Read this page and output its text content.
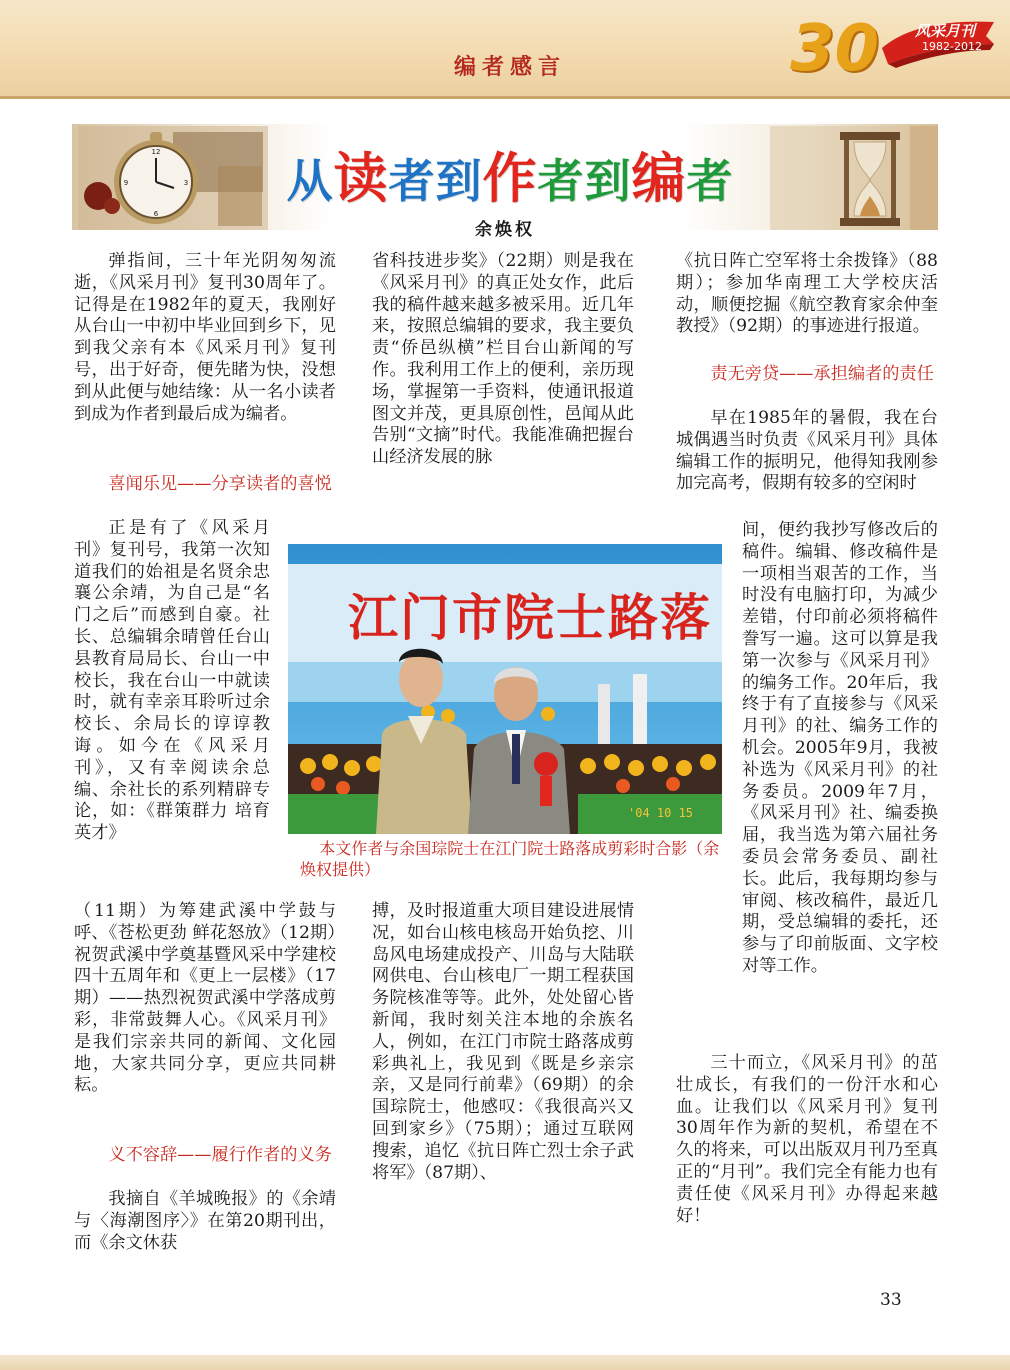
编者感言	30 风采月刊
1982-2012
12
3
6
9	从读者到作者到编者
余焕权
弹指间，三十年光阴匆匆流逝，《风采月刊》复刊30周年了。记得是在1982年的夏天，我刚好从台山一中初中毕业回到乡下，见到我父亲有本《风采月刊》复刊号，出于好奇，便先睹为快，没想到从此便与她结缘：从一名小读者到成为作者到最后成为编者。
喜闻乐见——分享读者的喜悦
正是有了《风采月刊》复刊号，我第一次知道我们的始祖是名贤余忠襄公余靖，为自己是“名门之后”而感到自豪。社长、总编辑余晴曾任台山县教育局局长、台山一中校长，我在台山一中就读时，就有幸亲耳聆听过余校长、余局长的谆谆教诲。如今在《风采月刊》，又有幸阅读余总编、余社长的系列精辟专论，如：《群策群力 培育英才》
（11期）为筹建武溪中学鼓与呼、《苍松更劲 鲜花怒放》（12期）祝贺武溪中学奠基暨风采中学建校四十五周年和《更上一层楼》（17期）——热烈祝贺武溪中学落成剪彩，非常鼓舞人心。《风采月刊》是我们宗亲共同的新闻、文化园地，大家共同分享，更应共同耕耘。
义不容辞——履行作者的义务
我摘自《羊城晚报》的《余靖与〈海潮图序〉》在第20期刊出，而《余文休获
省科技进步奖》（22期）则是我在《风采月刊》的真正处女作，此后我的稿件越来越多被采用。近几年来，按照总编辑的要求，我主要负责“侨邑纵横”栏目台山新闻的写作。我利用工作上的便利，亲历现场，掌握第一手资料，使通讯报道图文并茂，更具原创性，邑闻从此告别“文摘”时代。我能准确把握台山经济发展的脉
搏，及时报道重大项目建设进展情况，如台山核电核岛开始负挖、川岛风电场建成投产、川岛与大陆联网供电、台山核电厂一期工程获国务院核准等等。此外，处处留心皆新闻，我时刻关注本地的余族名人，例如，在江门市院士路落成剪彩典礼上，我见到《既是乡亲宗亲，又是同行前辈》（69期）的余国琮院士，他感叹：《我很高兴又回到家乡》（75期）；通过互联网搜索，追忆《抗日阵亡烈士余子武将军》（87期）、
《抗日阵亡空军将士余拨锋》（88期）；参加华南理工大学校庆活动，顺便挖掘《航空教育家余仲奎教授》（92期）的事迹进行报道。
责无旁贷——承担编者的责任
早在1985年的暑假，我在台城偶遇当时负责《风采月刊》具体编辑工作的振明兄，他得知我刚参加完高考，假期有较多的空闲时
间，便约我抄写修改后的稿件。编辑、修改稿件是一项相当艰苦的工作，当时没有电脑打印，为减少差错，付印前必须将稿件誊写一遍。这可以算是我第一次参与《风采月刊》的编务工作。20年后，我终于有了直接参与《风采月刊》的社、编务工作的机会。2005年9月，我被补选为《风采月刊》的社务委员。2009年7月，《风采月刊》社、编委换届，我当选为第六届社务委员会常务委员、副社长。此后，我每期均参与审阅、核改稿件，最近几期，受总编辑的委托，还参与了印前版面、文字校对等工作。
三十而立，《风采月刊》的茁壮成长，有我们的一份汗水和心血。让我们以《风采月刊》复刊30周年作为新的契机，希望在不久的将来，可以出版双月刊乃至真正的“月刊”。我们完全有能力也有责任使《风采月刊》办得起来越好！
江门市院士路落
'04 10 15
本文作者与余国琮院士在江门院士路落成剪彩时合影（余焕权提供）
33
